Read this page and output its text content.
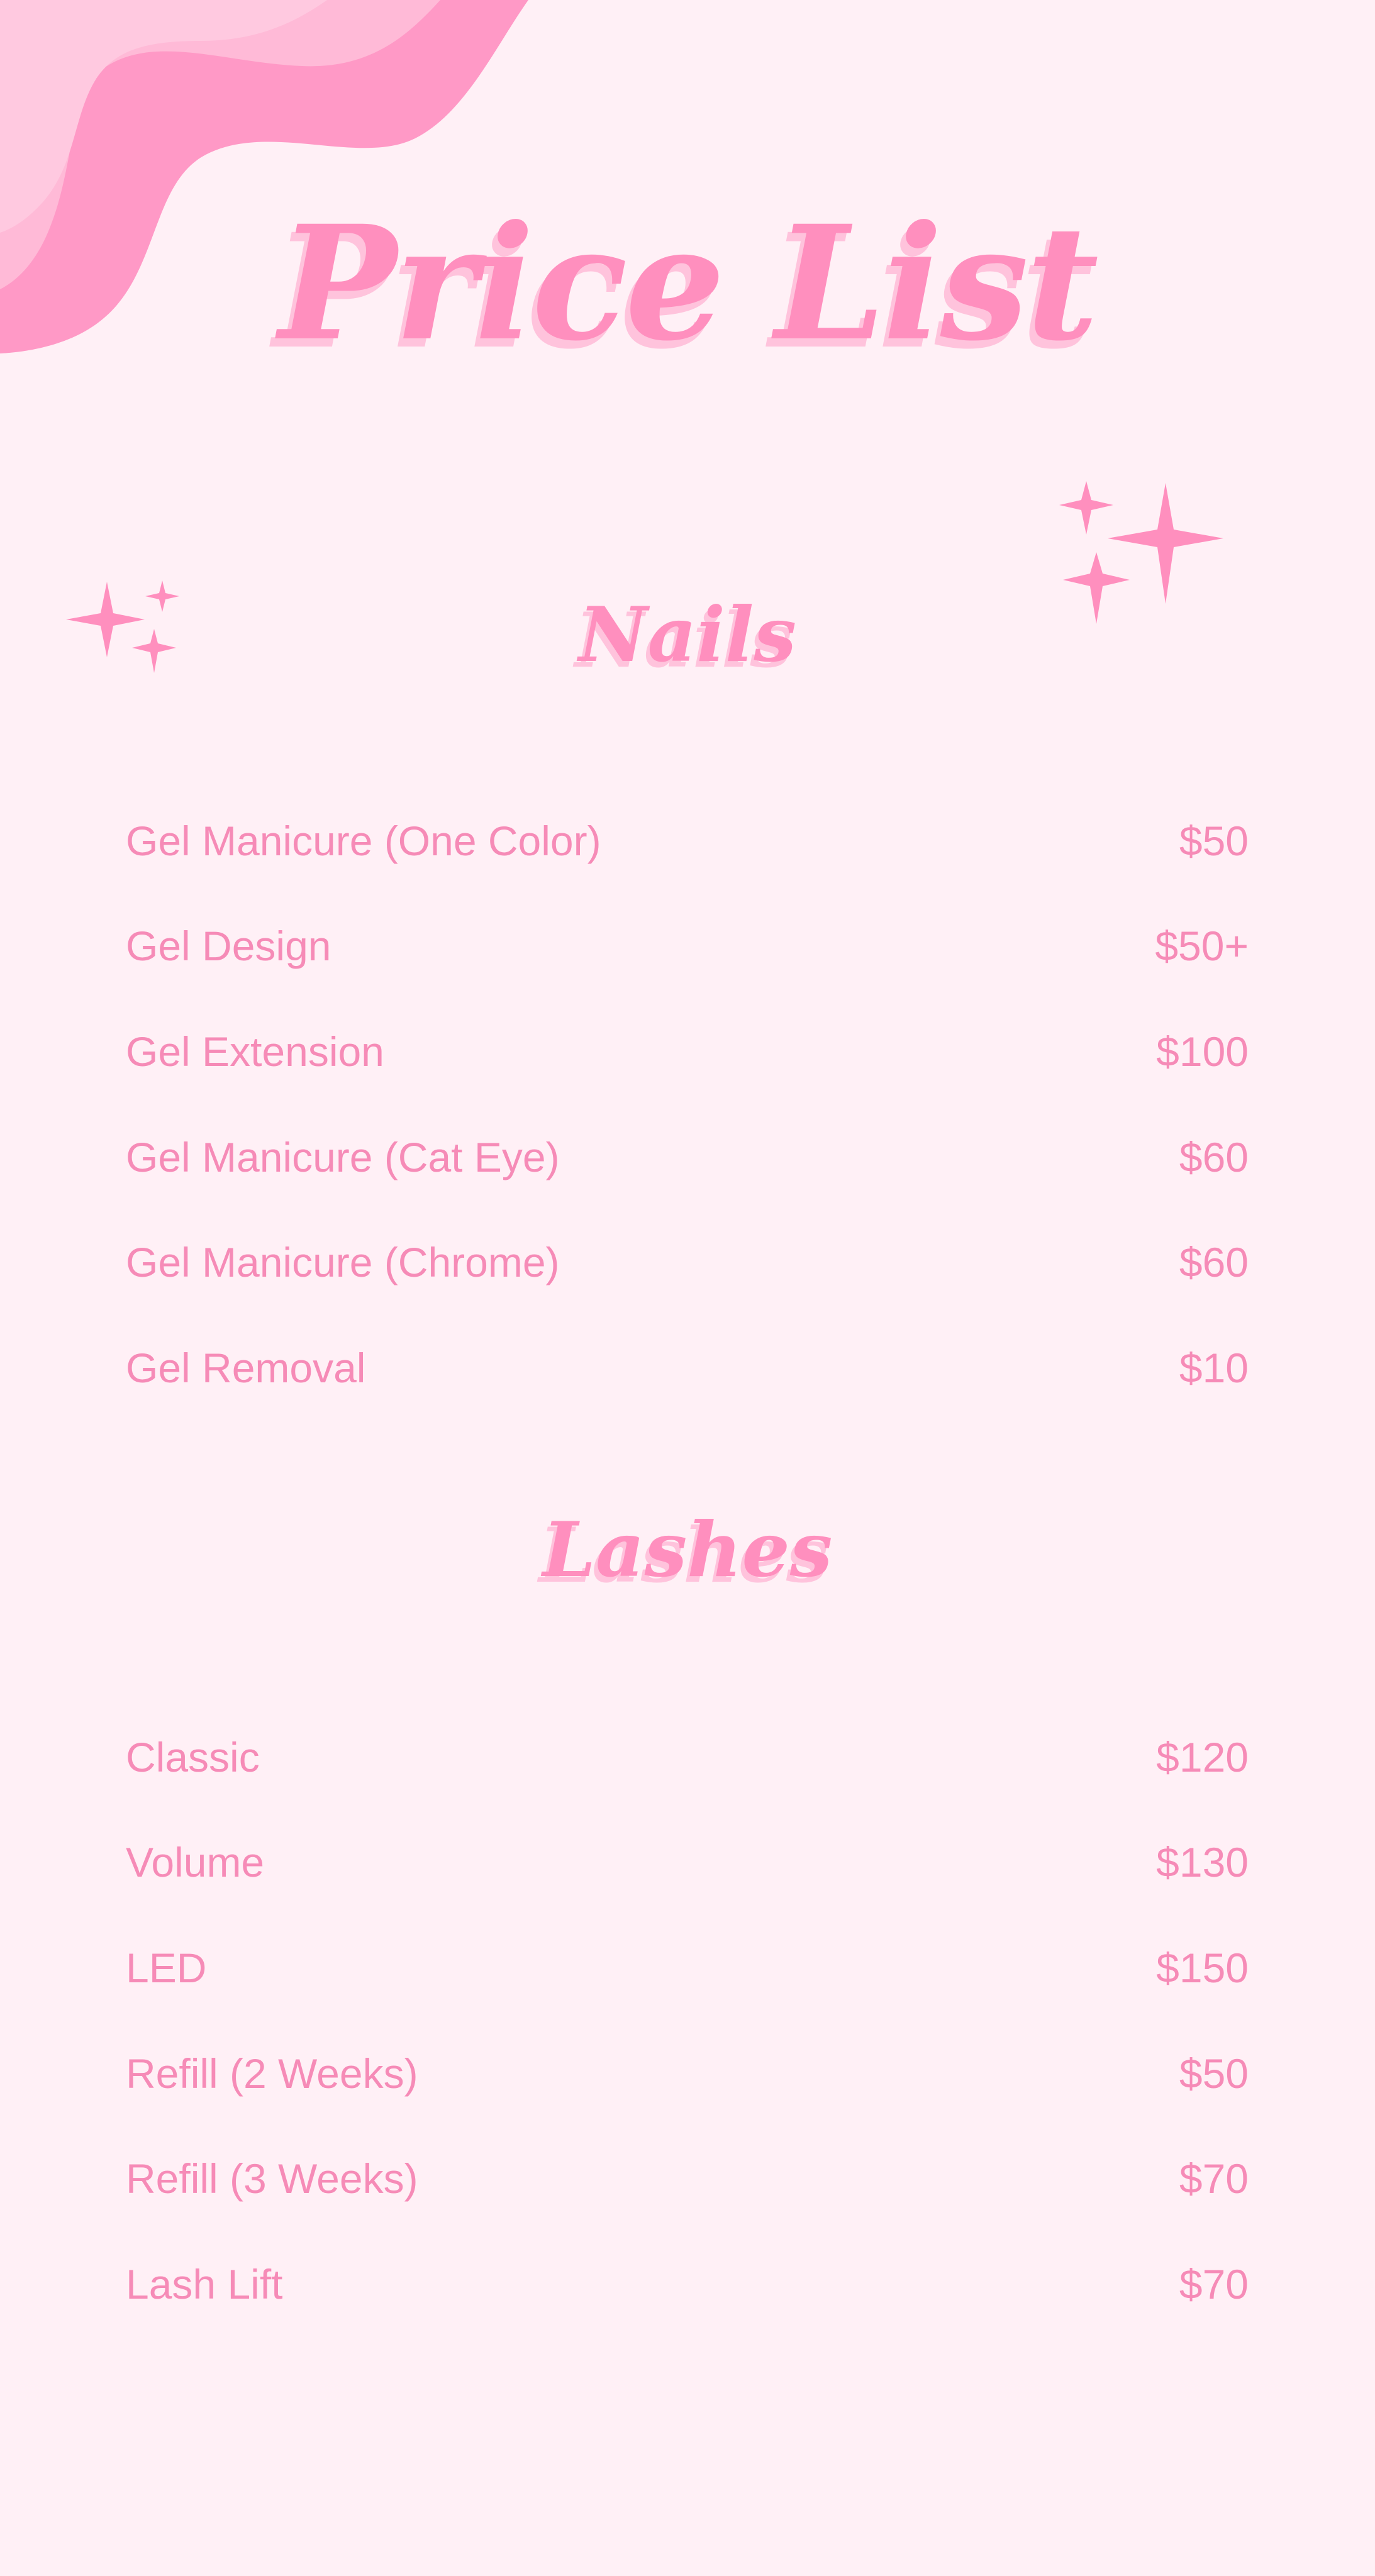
Price List
Nails
Gel Manicure (One Color)	$50
Gel Design	$50+
Gel Extension	$100
Gel Manicure (Cat Eye)	$60
Gel Manicure (Chrome)	$60
Gel Removal	$10
Lashes
Classic	$120
Volume	$130
LED	$150
Refill (2 Weeks)	$50
Refill (3 Weeks)	$70
Lash Lift	$70
